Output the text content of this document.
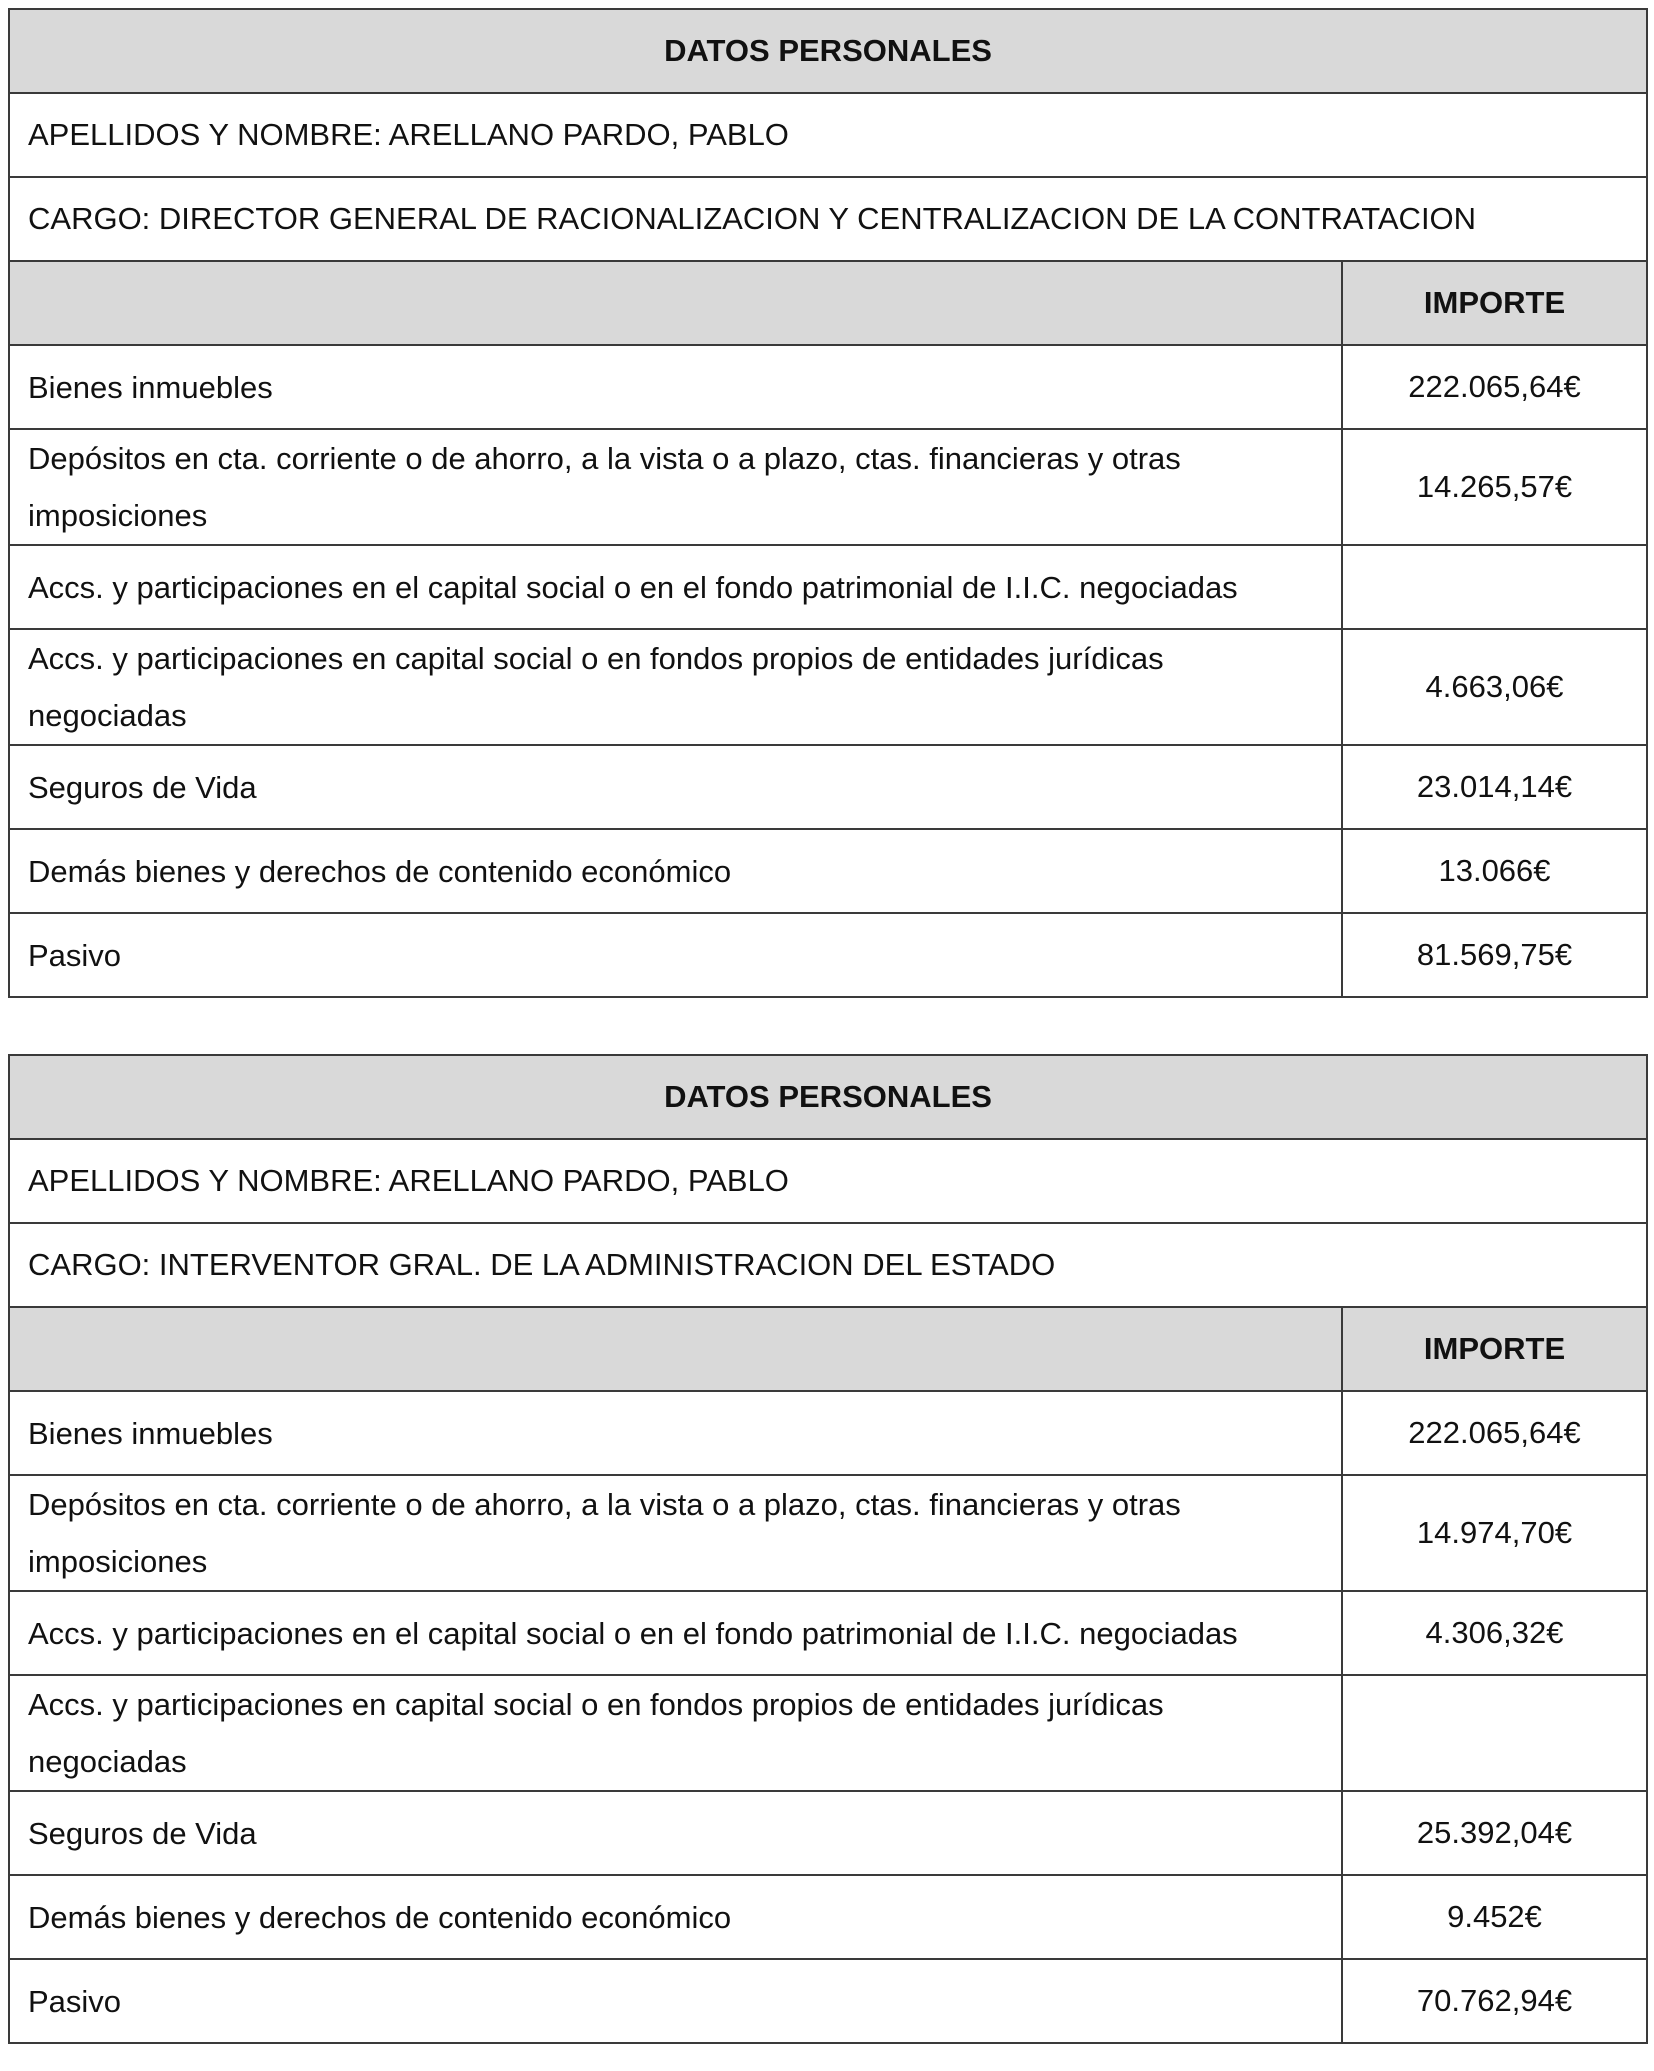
DATOS PERSONALES	
APELLIDOS Y NOMBRE: ARELLANO PARDO, PABLO	
CARGO: DIRECTOR GENERAL DE RACIONALIZACION Y CENTRALIZACION DE LA CONTRATACION	
	IMPORTE
Bienes inmuebles	222.065,64€
Depósitos en cta. corriente o de ahorro, a la vista o a plazo, ctas. financieras y otras imposiciones	14.265,57€
Accs. y participaciones en el capital social o en el fondo patrimonial de I.I.C. negociadas	
Accs. y participaciones en capital social o en fondos propios de entidades jurídicas negociadas	4.663,06€
Seguros de Vida	23.014,14€
Demás bienes y derechos de contenido económico	13.066€
Pasivo	81.569,75€
DATOS PERSONALES	
APELLIDOS Y NOMBRE: ARELLANO PARDO, PABLO	
CARGO: INTERVENTOR GRAL. DE LA ADMINISTRACION DEL ESTADO	
	IMPORTE
Bienes inmuebles	222.065,64€
Depósitos en cta. corriente o de ahorro, a la vista o a plazo, ctas. financieras y otras imposiciones	14.974,70€
Accs. y participaciones en el capital social o en el fondo patrimonial de I.I.C. negociadas	4.306,32€
Accs. y participaciones en capital social o en fondos propios de entidades jurídicas negociadas	
Seguros de Vida	25.392,04€
Demás bienes y derechos de contenido económico	9.452€
Pasivo	70.762,94€
